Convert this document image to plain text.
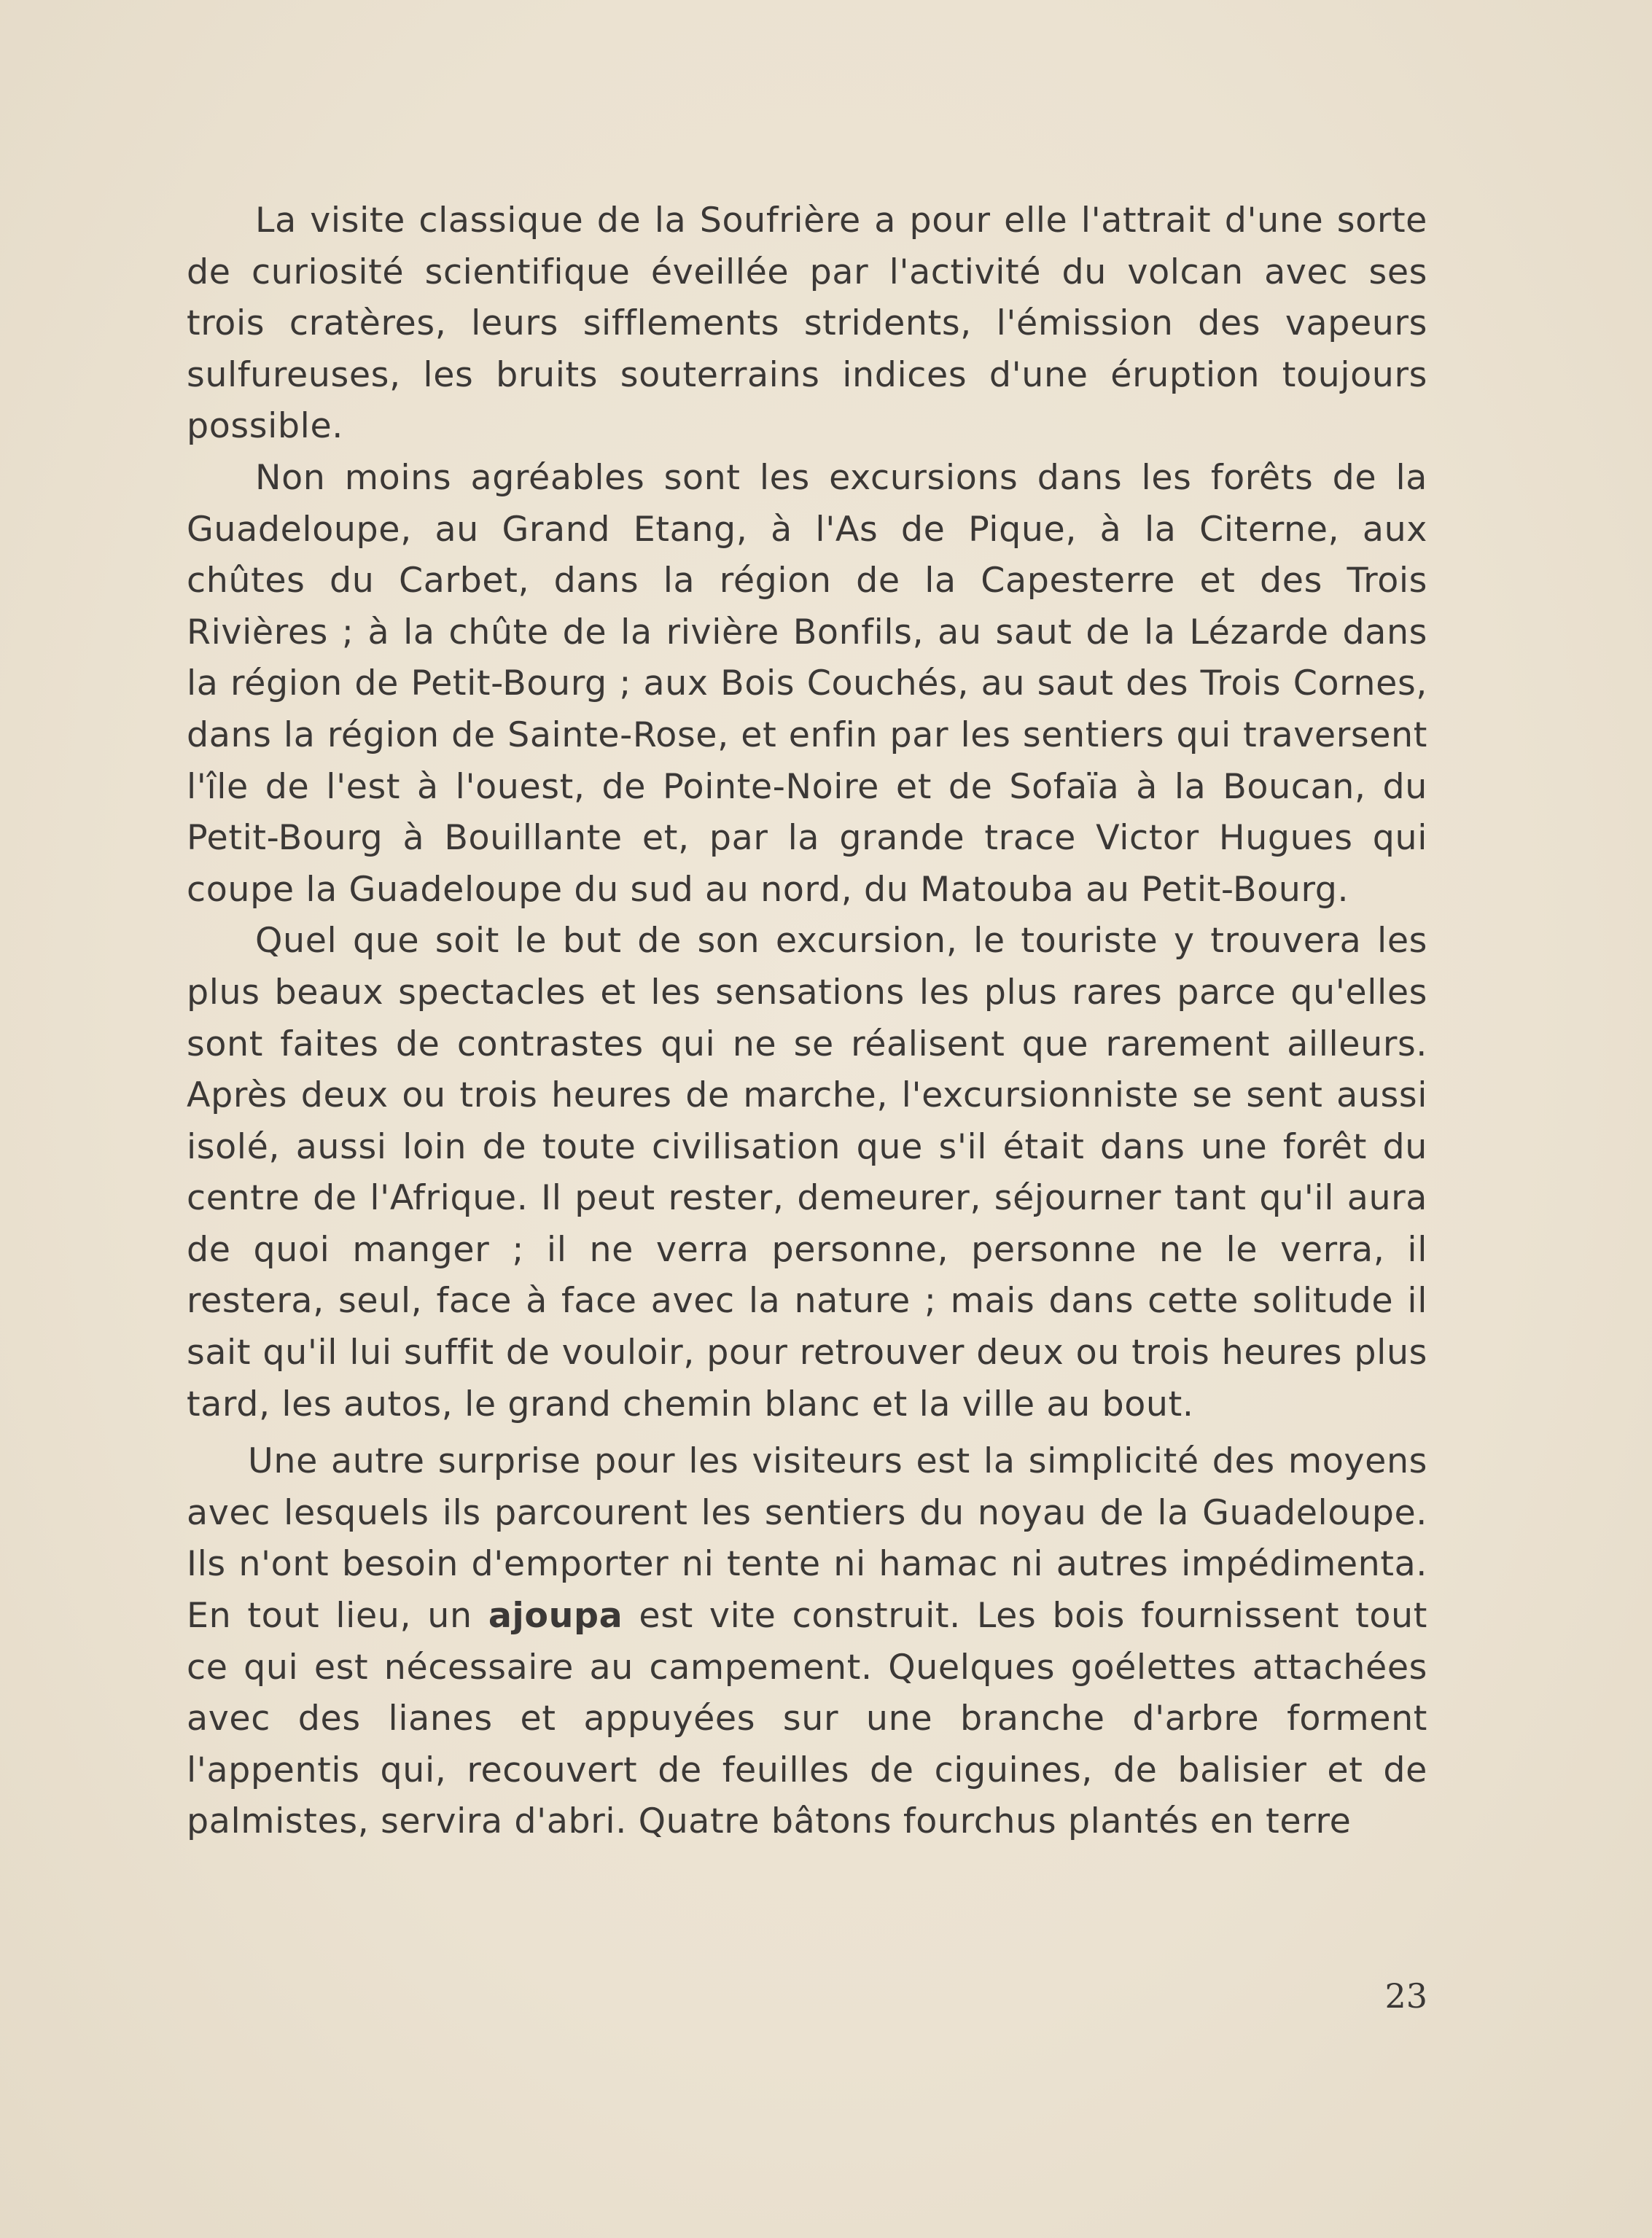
La visite classique de la Soufrière a pour elle l'attrait d'une sorte de curiosité scientifique éveillée par l'activité du volcan avec ses trois cratères, leurs sifflements stridents, l'émission des vapeurs sulfureuses, les bruits souterrains indices d'une éruption toujours possible.

Non moins agréables sont les excursions dans les forêts de la Guadeloupe, au Grand Etang, à l'As de Pique, à la Citerne, aux chûtes du Carbet, dans la région de la Capesterre et des Trois Rivières ; à la chûte de la rivière Bonfils, au saut de la Lézarde dans la région de Petit-Bourg ; aux Bois Couchés, au saut des Trois Cornes, dans la région de Sainte-Rose, et enfin par les sentiers qui traversent l'île de l'est à l'ouest, de Pointe-Noire et de Sofaïa à la Boucan, du Petit-Bourg à Bouillante et, par la grande trace Victor Hugues qui coupe la Guadeloupe du sud au nord, du Matouba au Petit-Bourg.

Quel que soit le but de son excursion, le touriste y trouvera les plus beaux spectacles et les sensations les plus rares parce qu'elles sont faites de contrastes qui ne se réalisent que rarement ailleurs. Après deux ou trois heures de marche, l'excursionniste se sent aussi isolé, aussi loin de toute civilisation que s'il était dans une forêt du centre de l'Afrique. Il peut rester, demeurer, séjourner tant qu'il aura de quoi manger ; il ne verra personne, personne ne le verra, il restera, seul, face à face avec la nature ; mais dans cette solitude il sait qu'il lui suffit de vouloir, pour retrouver deux ou trois heures plus tard, les autos, le grand chemin blanc et la ville au bout.

Une autre surprise pour les visiteurs est la simplicité des moyens avec lesquels ils parcourent les sentiers du noyau de la Guadeloupe. Ils n'ont besoin d'emporter ni tente ni hamac ni autres impédimenta. En tout lieu, un ajoupa est vite construit. Les bois fournissent tout ce qui est nécessaire au campement. Quelques goélettes attachées avec des lianes et appuyées sur une branche d'arbre forment l'appentis qui, recouvert de feuilles de ciguines, de balisier et de palmistes, servira d'abri. Quatre bâtons fourchus plantés en terre

23
